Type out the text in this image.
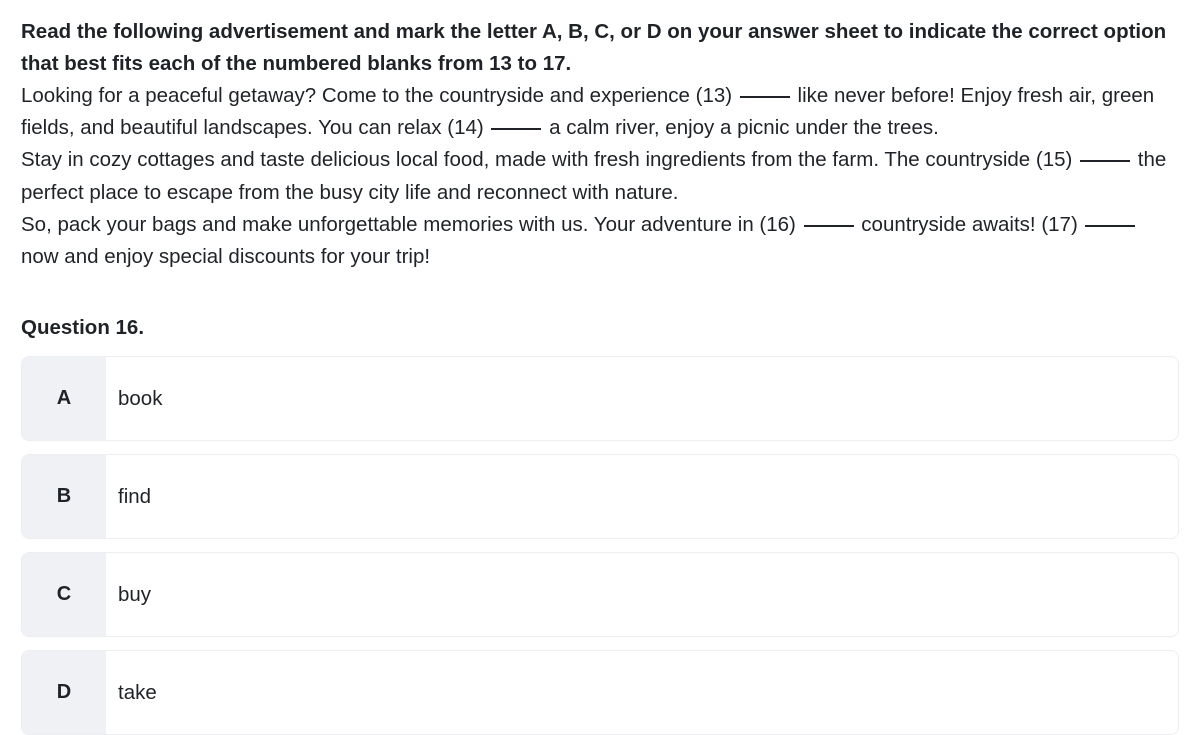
Read the following advertisement and mark the letter A, B, C, or D on your answer sheet to indicate the correct option that best fits each of the numbered blanks from 13 to 17.

Looking for a peaceful getaway? Come to the countryside and experience (13)	like never before! Enjoy fresh air, green fields, and beautiful landscapes. You can relax (14)	a calm river, enjoy a picnic under the trees.

Stay in cozy cottages and taste delicious local food, made with fresh ingredients from the farm. The countryside (15)	the perfect place to escape from the busy city life and reconnect with nature.

So, pack your bags and make unforgettable memories with us. Your adventure in (16)	countryside awaits! (17)  now and enjoy special discounts for your trip!

Question 16.
A	book
B	find
C	buy
D	take
